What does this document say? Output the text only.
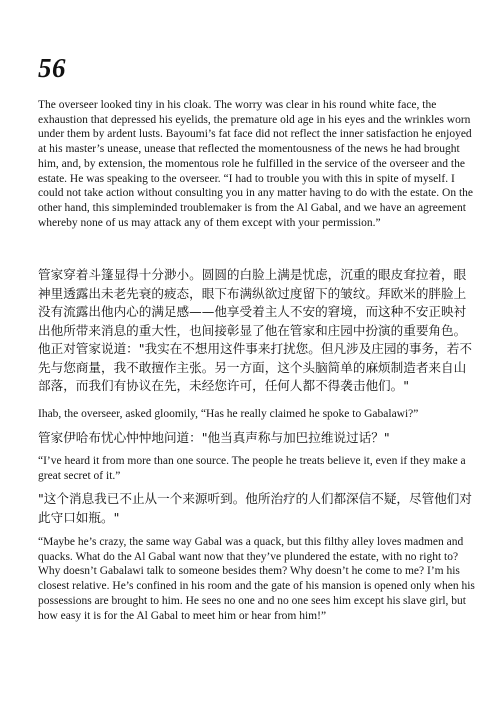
56

The overseer looked tiny in his cloak. The worry was clear in his round white face, the exhaustion that depressed his eyelids, the premature old age in his eyes and the wrinkles worn under them by ardent lusts. Bayoumi’s fat face did not reflect the inner satisfaction he enjoyed at his master’s unease, unease that reflected the momentousness of the news he had brought him, and, by extension, the momentous role he fulfilled in the service of the overseer and the estate. He was speaking to the overseer. “I had to trouble you with this in spite of myself. I could not take action without consulting you in any matter having to do with the estate. On the other hand, this simpleminded troublemaker is from the Al Gabal, and we have an agreement whereby none of us may attack any of them except with your permission.”

管家穿着斗篷显得十分渺小。圆圆的白脸上满是忧虑，沉重的眼皮耷拉着，眼神里透露出未老先衰的疲态，眼下布满纵欲过度留下的皱纹。拜欧米的胖脸上没有流露出他内心的满足感——他享受着主人不安的窘境，而这种不安正映衬出他所带来消息的重大性，也间接彰显了他在管家和庄园中扮演的重要角色。他正对管家说道："我实在不想用这件事来打扰您。但凡涉及庄园的事务，若不先与您商量，我不敢擅作主张。另一方面，这个头脑简单的麻烦制造者来自山部落，而我们有协议在先，未经您许可，任何人都不得袭击他们。"

Ihab, the overseer, asked gloomily, “Has he really claimed he spoke to Gabalawi?”

管家伊哈布忧心忡忡地问道："他当真声称与加巴拉维说过话？"

“I’ve heard it from more than one source. The people he treats believe it, even if they make a great secret of it.”

"这个消息我已不止从一个来源听到。他所治疗的人们都深信不疑，尽管他们对此守口如瓶。"

“Maybe he’s crazy, the same way Gabal was a quack, but this filthy alley loves madmen and quacks. What do the Al Gabal want now that they’ve plundered the estate, with no right to? Why doesn’t Gabalawi talk to someone besides them? Why doesn’t he come to me? I’m his closest relative. He’s confined in his room and the gate of his mansion is opened only when his possessions are brought to him. He sees no one and no one sees him except his slave girl, but how easy it is for the Al Gabal to meet him or hear from him!”
